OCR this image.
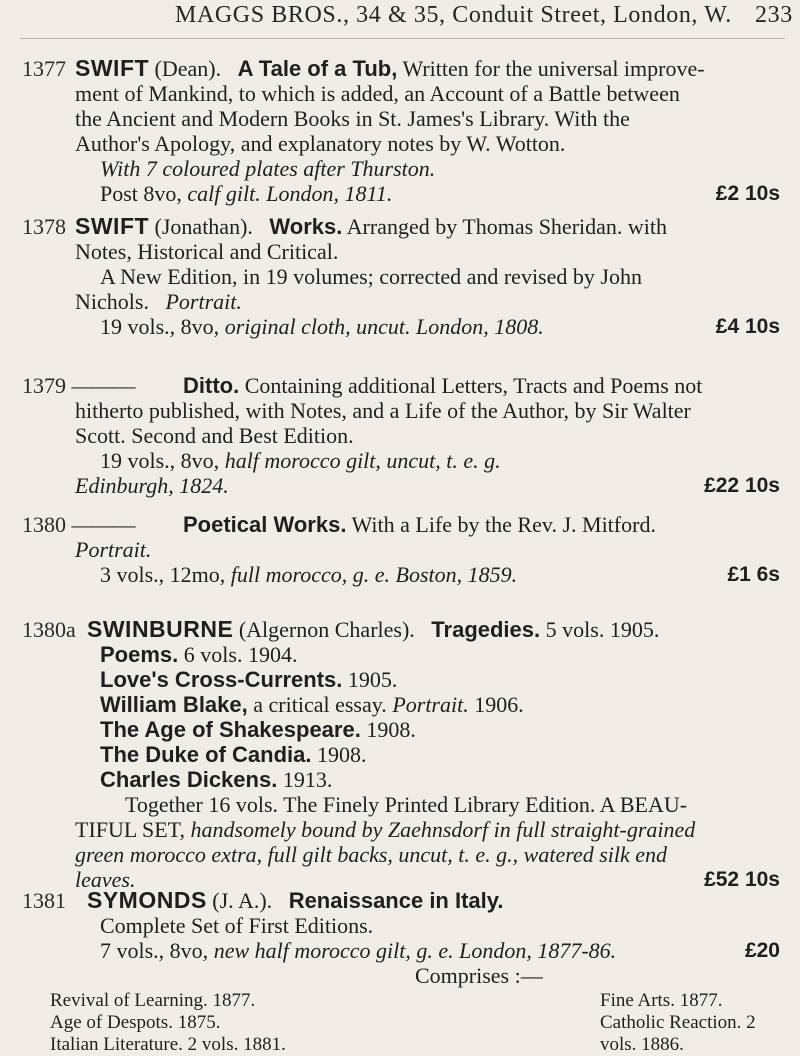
MAGGS BROS., 34 & 35, Conduit Street, London, W. 233
1377 SWIFT (Dean). A Tale of a Tub, Written for the universal improve-
ment of Mankind, to which is added, an Account of a Battle between
the Ancient and Modern Books in St. James's Library. With the
Author's Apology, and explanatory notes by W. Wotton.
With 7 coloured plates after Thurston.
Post 8vo, calf gilt. London, 1811.	£2 10s
1378 SWIFT (Jonathan). Works. Arranged by Thomas Sheridan. with
Notes, Historical and Critical.
A New Edition, in 19 volumes; corrected and revised by John
Nichols. Portrait.
19 vols., 8vo, original cloth, uncut. London, 1808.	£4 10s
1379 ———	Ditto. Containing additional Letters, Tracts and Poems not
hitherto published, with Notes, and a Life of the Author, by Sir Walter
Scott. Second and Best Edition.
19 vols., 8vo, half morocco gilt, uncut, t. e. g.
Edinburgh, 1824.	£22 10s
1380 ———	Poetical Works. With a Life by the Rev. J. Mitford.
Portrait.
3 vols., 12mo, full morocco, g. e. Boston, 1859.	£1 6s
1380a SWINBURNE (Algernon Charles). Tragedies. 5 vols. 1905.
Poems. 6 vols. 1904.
Love's Cross-Currents. 1905.
William Blake, a critical essay. Portrait. 1906.
The Age of Shakespeare. 1908.
The Duke of Candia. 1908.
Charles Dickens. 1913.
Together 16 vols. The Finely Printed Library Edition. A BEAU-
TIFUL SET, handsomely bound by Zaehnsdorf in full straight-grained
green morocco extra, full gilt backs, uncut, t. e. g., watered silk end
leaves.	£52 10s
1381 SYMONDS (J. A.). Renaissance in Italy.
Complete Set of First Editions.
7 vols., 8vo, new half morocco gilt, g. e. London, 1877-86.	£20
Comprises :—
Revival of Learning. 1877.	Fine Arts. 1877.
Age of Despots. 1875.	Catholic Reaction. 2 vols. 1886.
Italian Literature. 2 vols. 1881.
